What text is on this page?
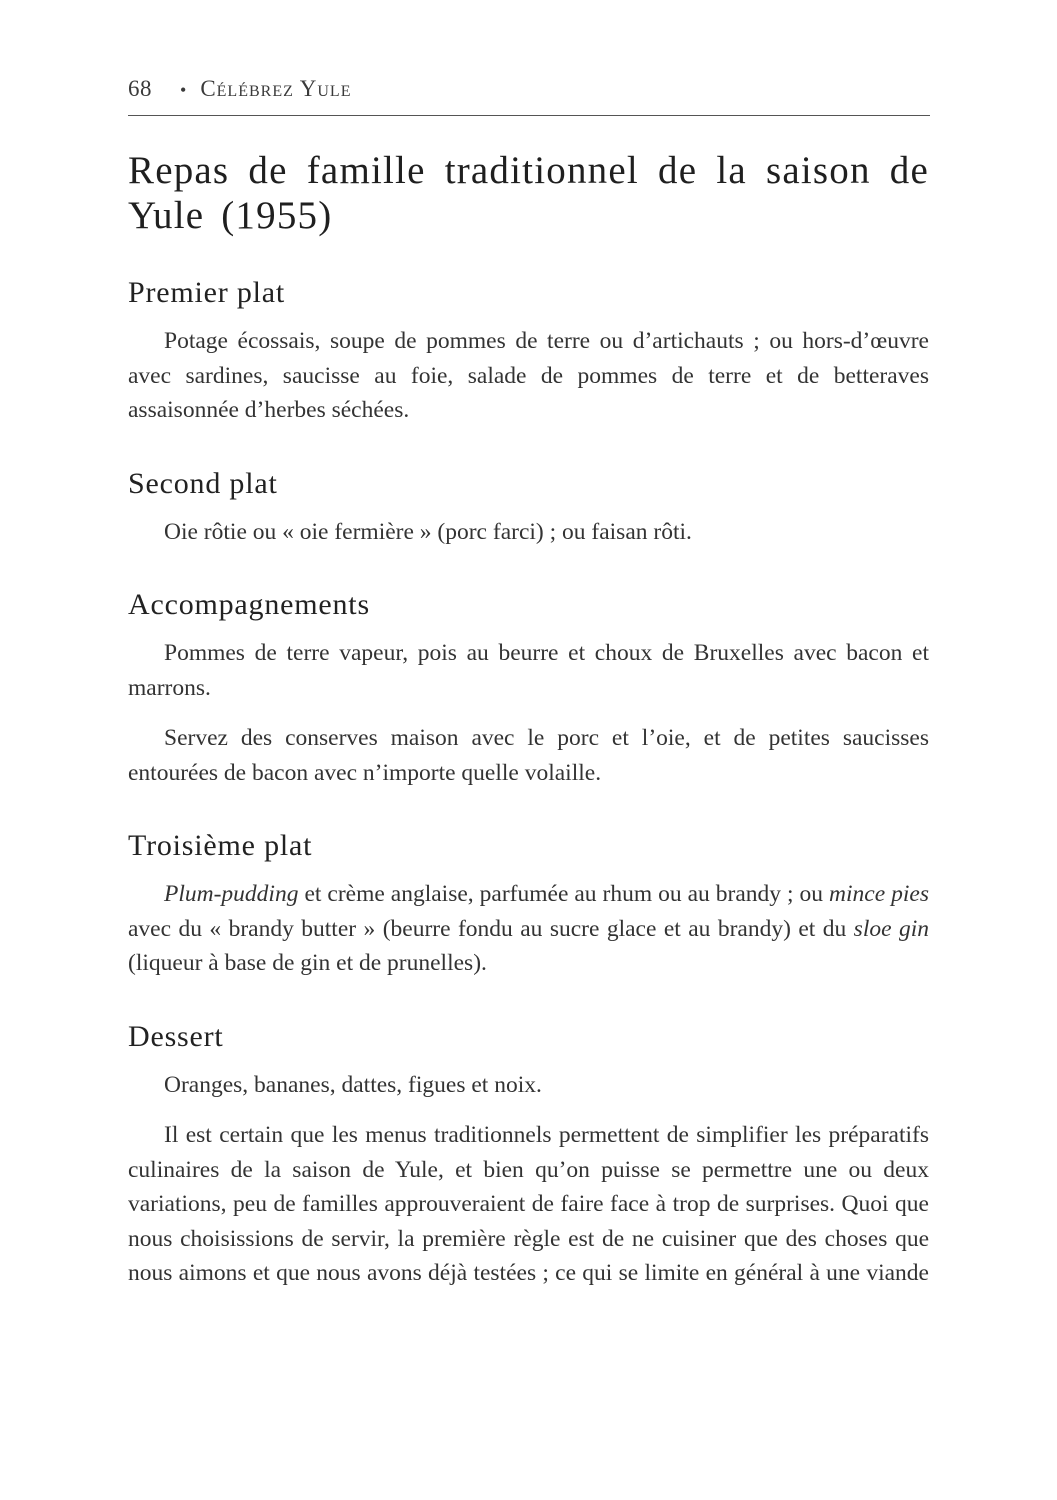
68 • Célébrez Yule
Repas de famille traditionnel de la saison de Yule (1955)
Premier plat

Potage écossais, soupe de pommes de terre ou d’artichauts ; ou hors-d’œuvre avec sardines, saucisse au foie, salade de pommes de terre et de betteraves assaisonnée d’herbes séchées.

Second plat

Oie rôtie ou « oie fermière » (porc farci) ; ou faisan rôti.

Accompagnements

Pommes de terre vapeur, pois au beurre et choux de Bruxelles avec bacon et marrons.

Servez des conserves maison avec le porc et l’oie, et de petites saucisses entourées de bacon avec n’importe quelle volaille.

Troisième plat

Plum-pudding et crème anglaise, parfumée au rhum ou au brandy ; ou mince pies avec du « brandy butter » (beurre fondu au sucre glace et au brandy) et du sloe gin (liqueur à base de gin et de prunelles).

Dessert

Oranges, bananes, dattes, figues et noix.

Il est certain que les menus traditionnels permettent de simplifier les préparatifs culinaires de la saison de Yule, et bien qu’on puisse se permettre une ou deux variations, peu de familles approuveraient de faire face à trop de surprises. Quoi que nous choisissions de servir, la première règle est de ne cuisiner que des choses que nous aimons et que nous avons déjà testées ; ce qui se limite en général à une viande
